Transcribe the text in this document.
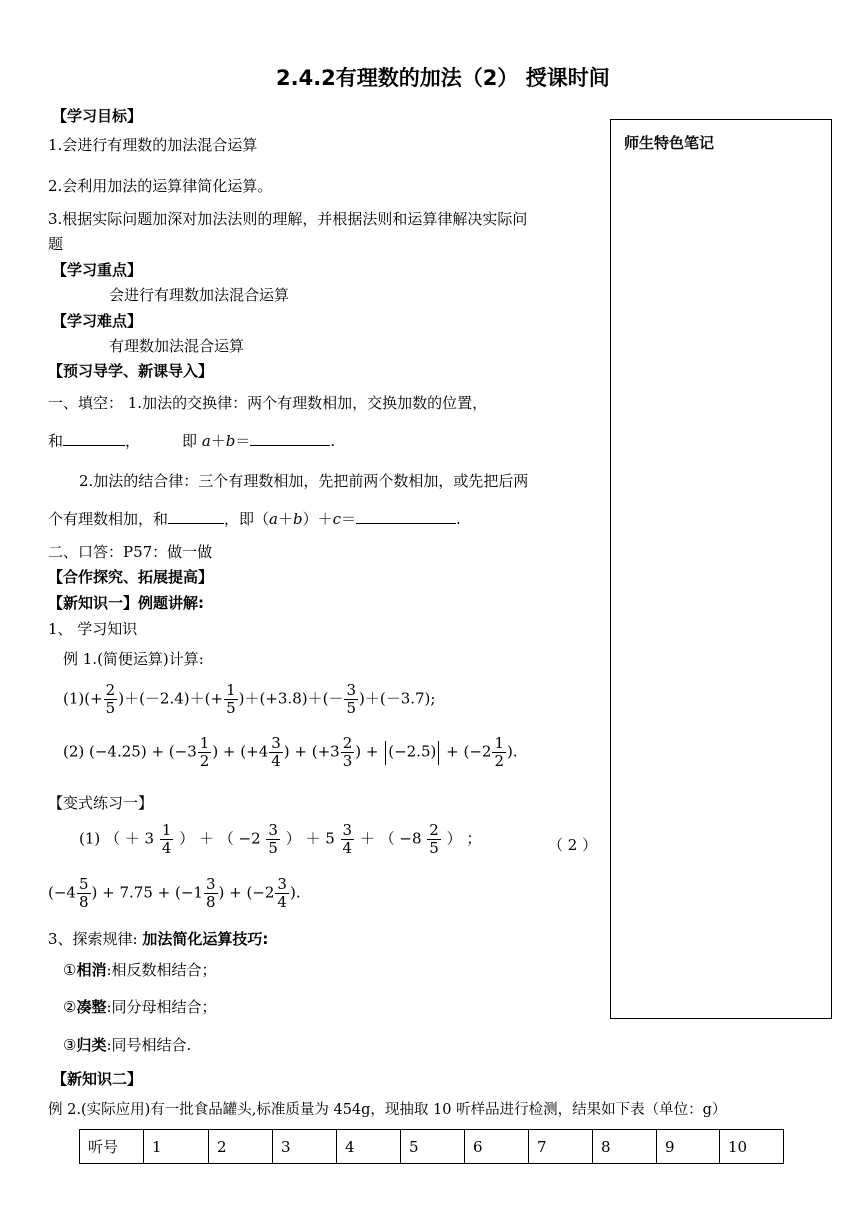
2.4.2有理数的加法（2） 授课时间
师生特色笔记
【学习目标】
1.会进行有理数的加法混合运算
2.会利用加法的运算律简化运算。
3.根据实际问题加深对加法法则的理解，并根据法则和运算律解决实际问
题
【学习重点】
会进行有理数加法混合运算
【学习难点】
有理数加法混合运算
【预习导学、新课导入】
一、填空： 1.加法的交换律：两个有理数相加，交换加数的位置，
和	，	即 a＋b＝	.
2.加法的结合律：三个有理数相加，先把前两个数相加，或先把后两
个有理数相加，和	，即（a＋b）＋c＝	.
二、口答：P57：做一做
【合作探究、拓展提高】
【新知识一】例题讲解:
1、 学习知识
例 1.(简便运算)计算:
$(1)(+ \frac{2}{5} )+(-2.4)+(+ \frac{1}{5} )+(+3.8)+(- \frac{3}{5} )+(-3.7)$;
(2) $(-4.25) + (-3 \frac{1}{2}$ ) + ($+4 \frac{3}{4}$ ) + ($+3 \frac{2}{3}$ ) + $(-2.5) + (-2 \frac{1}{2}$ ).
【变式练习一】
(1) （ ＋ $3 \frac{1}{4}$ ） ＋ （ $-2 \frac{3}{5}$ ） ＋ $5 \frac{3}{4}$ ＋ （ $-8 \frac{2}{5}$ ） ；	（ 2 ）
($-4 \frac{5}{8}$ ) + $7.75 + (-1 \frac{3}{8}$ ) + ($-2 \frac{3}{4}$ ).
3、探索规律: 加法简化运算技巧:
①相消:相反数相结合；
②凑整:同分母相结合；
③归类:同号相结合.
【新知识二】
例 2.(实际应用)有一批食品罐头,标准质量为 454g，现抽取 10 听样品进行检测，结果如下表（单位：g）
听号	1	2	3	4	5	6	7	8	9	10
